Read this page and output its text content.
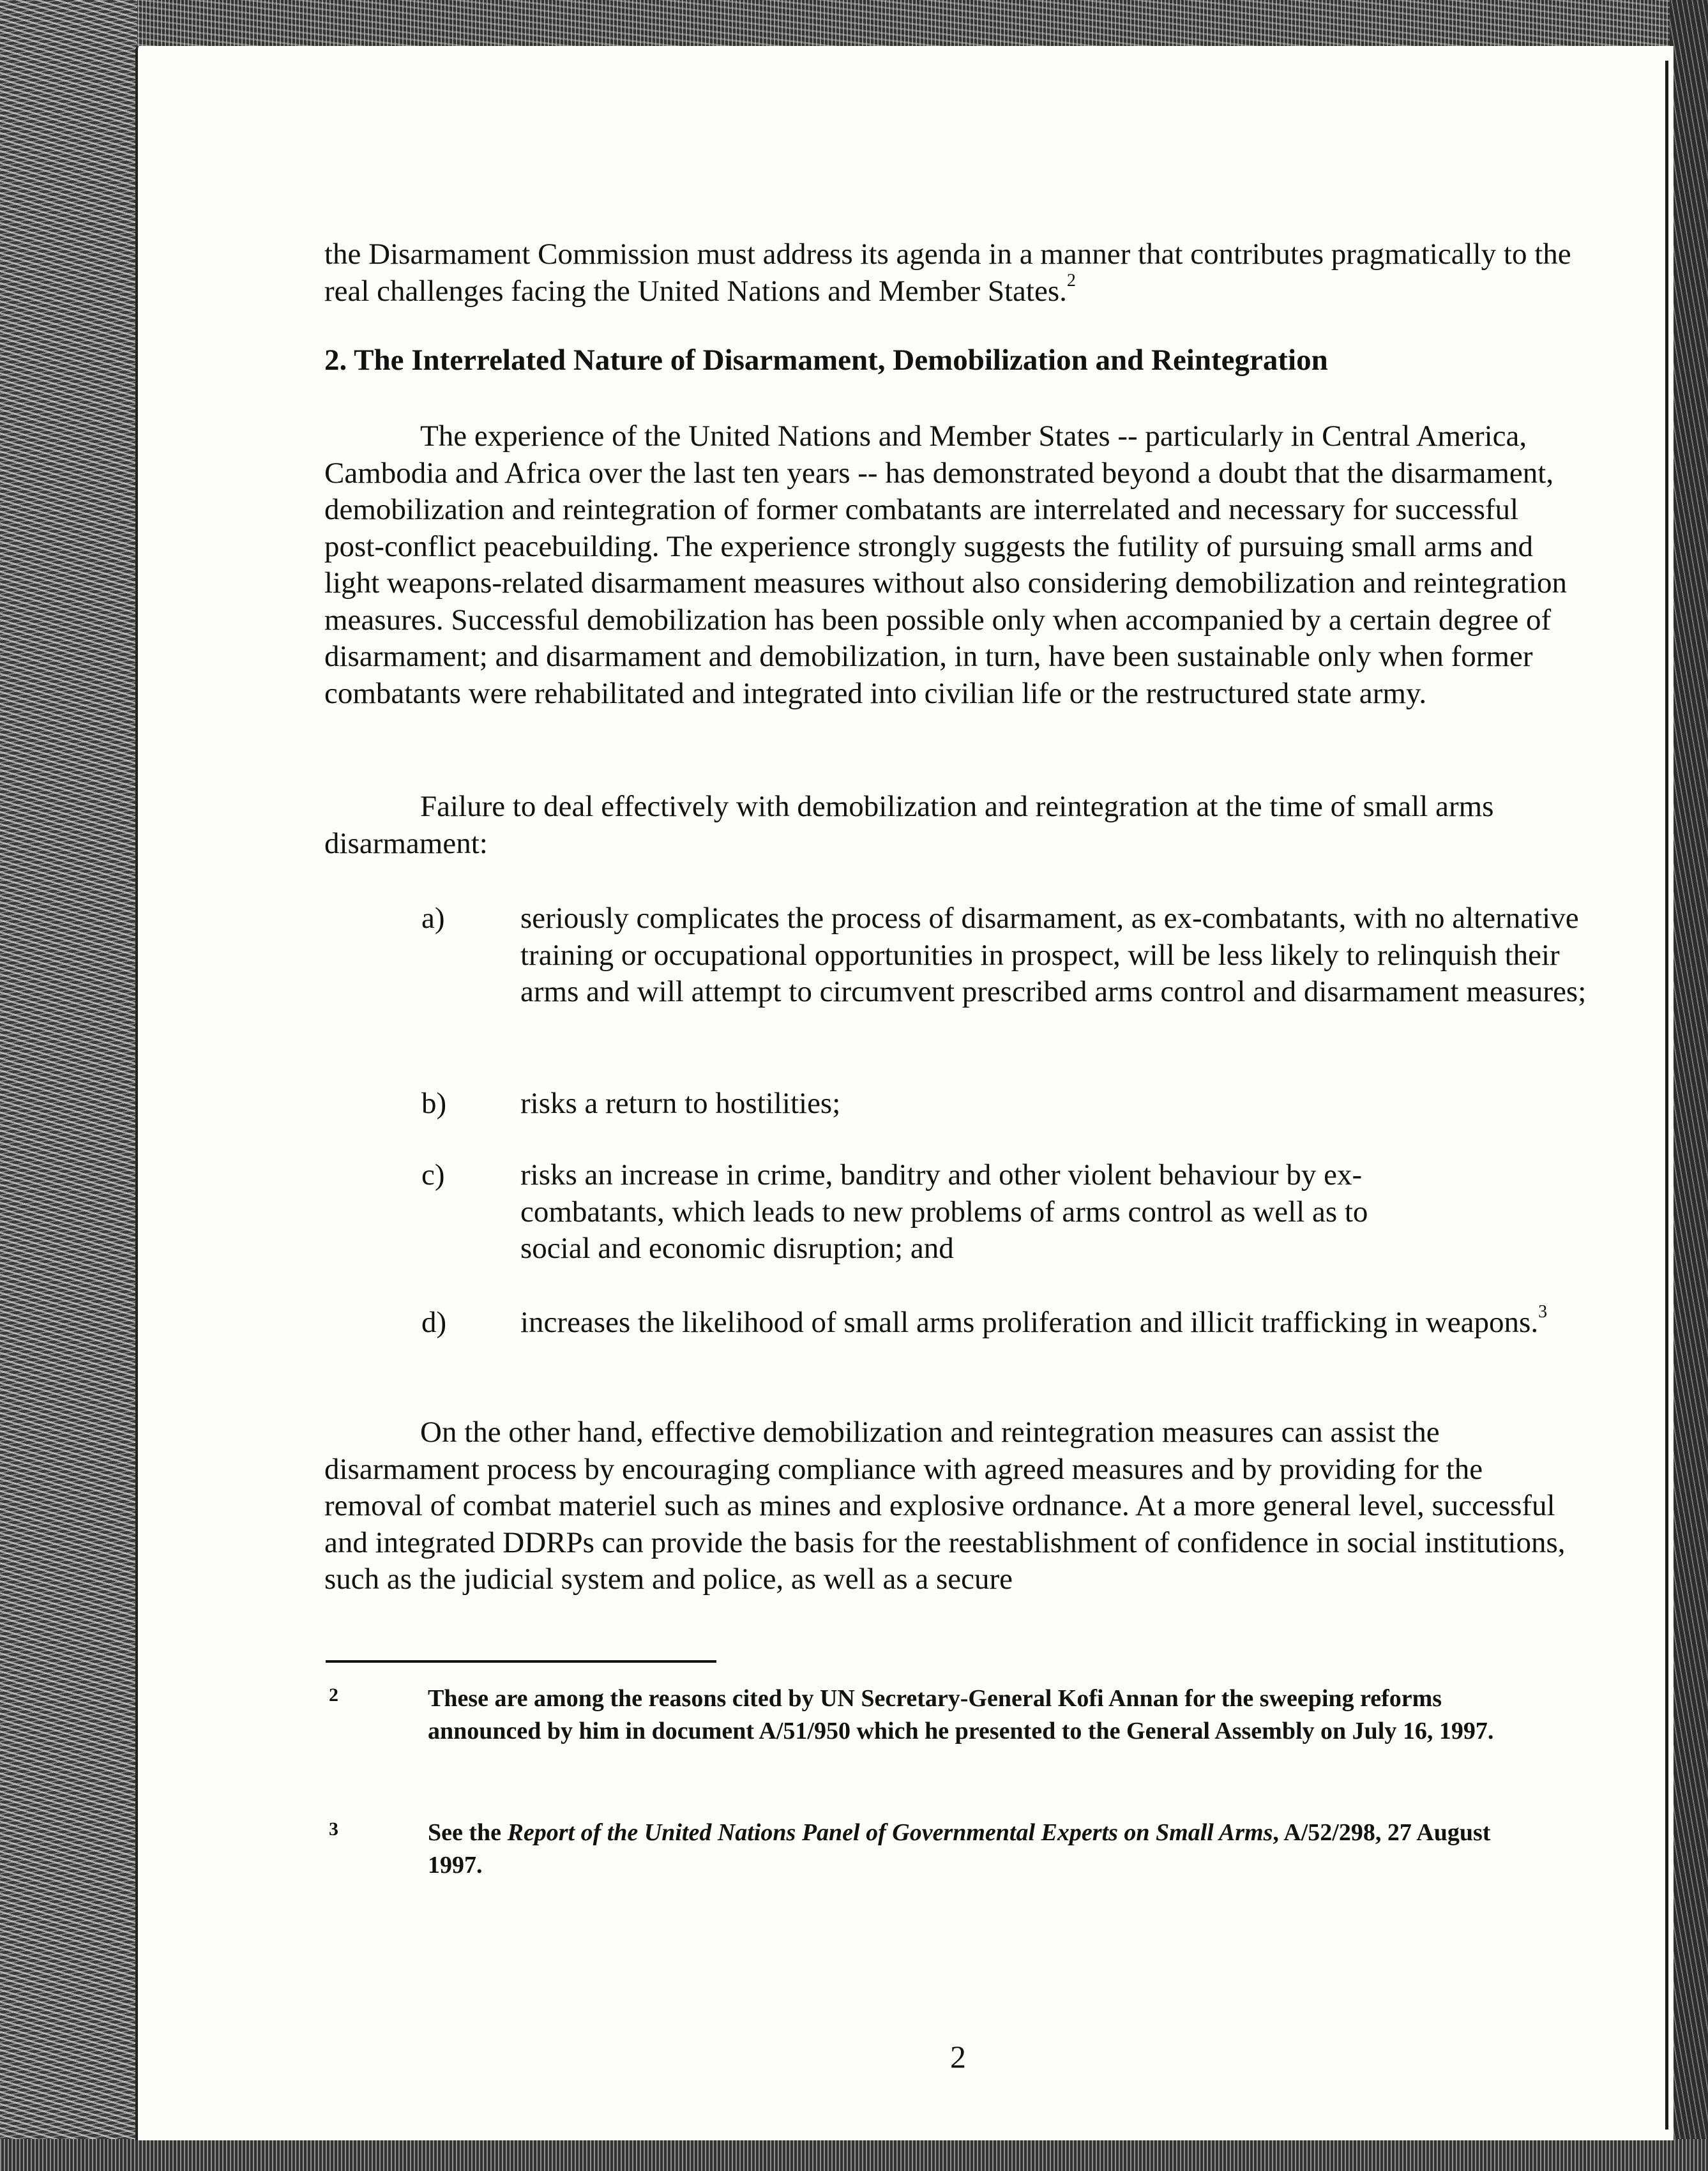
the Disarmament Commission must address its agenda in a manner that contributes pragmatically to the real challenges facing the United Nations and Member States.$^2$

2. The Interrelated Nature of Disarmament, Demobilization and Reintegration

The experience of the United Nations and Member States -- particularly in Central America, Cambodia and Africa over the last ten years -- has demonstrated beyond a doubt that the disarmament, demobilization and reintegration of former combatants are interrelated and necessary for successful post-conflict peacebuilding. The experience strongly suggests the futility of pursuing small arms and light weapons-related disarmament measures without also considering demobilization and reintegration measures. Successful demobilization has been possible only when accompanied by a certain degree of disarmament; and disarmament and demobilization, in turn, have been sustainable only when former combatants were rehabilitated and integrated into civilian life or the restructured state army.

Failure to deal effectively with demobilization and reintegration at the time of small arms disarmament:

a)	seriously complicates the process of disarmament, as ex-combatants, with no alternative training or occupational opportunities in prospect, will be less likely to relinquish their arms and will attempt to circumvent prescribed arms control and disarmament measures;
b) risks a return to hostilities;
c)	risks an increase in crime, banditry and other violent behaviour by ex-combatants, which leads to new problems of arms control as well as to social and economic disruption; and
d) increases the likelihood of small arms proliferation and illicit trafficking in weapons.$^3$

On the other hand, effective demobilization and reintegration measures can assist the disarmament process by encouraging compliance with agreed measures and by providing for the removal of combat materiel such as mines and explosive ordnance. At a more general level, successful and integrated DDRPs can provide the basis for the reestablishment of confidence in social institutions, such as the judicial system and police, as well as a secure

2	These are among the reasons cited by UN Secretary-General Kofi Annan for the sweeping reforms announced by him in document A/51/950 which he presented to the General Assembly on July 16, 1997.
3	See the Report of the United Nations Panel of Governmental Experts on Small Arms, A/52/298, 27 August 1997.
2
